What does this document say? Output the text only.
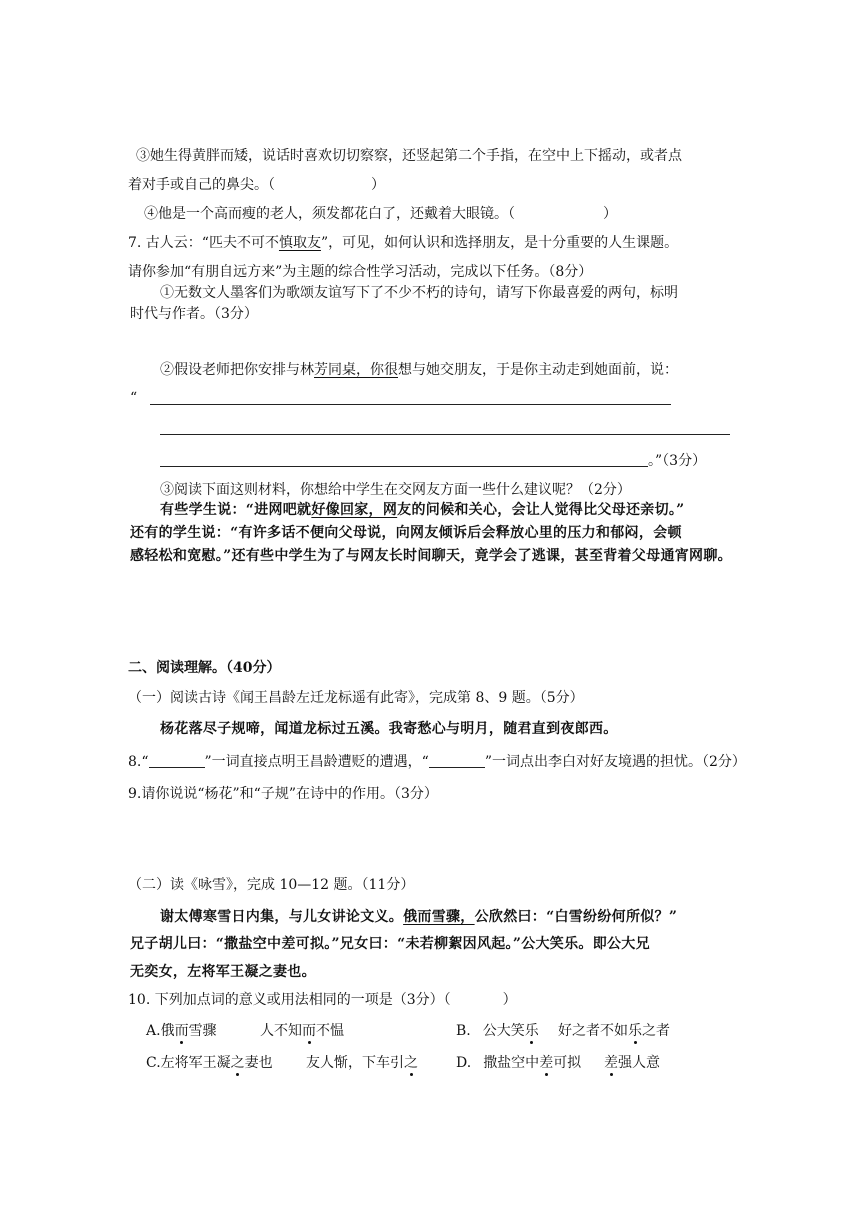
③她生得黄胖而矮，说话时喜欢切切察察，还竖起第二个手指，在空中上下摇动，或者点
着对手或自己的鼻尖。（	）
④他是一个高而瘦的老人，须发都花白了，还戴着大眼镜。（	）
7. 古人云：“匹夫不可不慎取友”，可见，如何认识和选择朋友，是十分重要的人生课题。
请你参加“有朋自远方来”为主题的综合性学习活动，完成以下任务。（8分）
①无数文人墨客们为歌颂友谊写下了不少不朽的诗句，请写下你最喜爱的两句，标明
时代与作者。（3分）
②假设老师把你安排与林芳同桌，你很想与她交朋友，于是你主动走到她面前，说：
“
。”（3分）
③阅读下面这则材料，你想给中学生在交网友方面一些什么建议呢？（2分）
有些学生说：“进网吧就好像回家，网友的问候和关心，会让人觉得比父母还亲切。”
还有的学生说：“有许多话不便向父母说，向网友倾诉后会释放心里的压力和郁闷，会顿
感轻松和宽慰。”还有些中学生为了与网友长时间聊天，竟学会了逃课，甚至背着父母通宵网聊。
二、阅读理解。（40分）
（一）阅读古诗《闻王昌龄左迁龙标遥有此寄》，完成第 8、9 题。（5分）
杨花落尽子规啼，闻道龙标过五溪。我寄愁心与明月，随君直到夜郎西。
8.“	”一词直接点明王昌龄遭贬的遭遇，“	”一词点出李白对好友境遇的担忧。（2分）
9.请你说说“杨花”和“子规”在诗中的作用。（3分）
（二）读《咏雪》，完成 10—12 题。（11分）
谢太傅寒雪日内集，与儿女讲论文义。俄而雪骤，公欣然曰：“白雪纷纷何所似？”
兄子胡儿曰：“撒盐空中差可拟。”兄女曰：“未若柳絮因风起。”公大笑乐。即公大兄
无奕女，左将军王凝之妻也。
10. 下列加点词的意义或用法相同的一项是（3分）（	）
A.俄而雪骤	人不知而不愠	B. 公大笑乐 好之者不如乐之者
C.左将军王凝之妻也 友人惭，下车引之	D. 撒盐空中差可拟 差强人意
